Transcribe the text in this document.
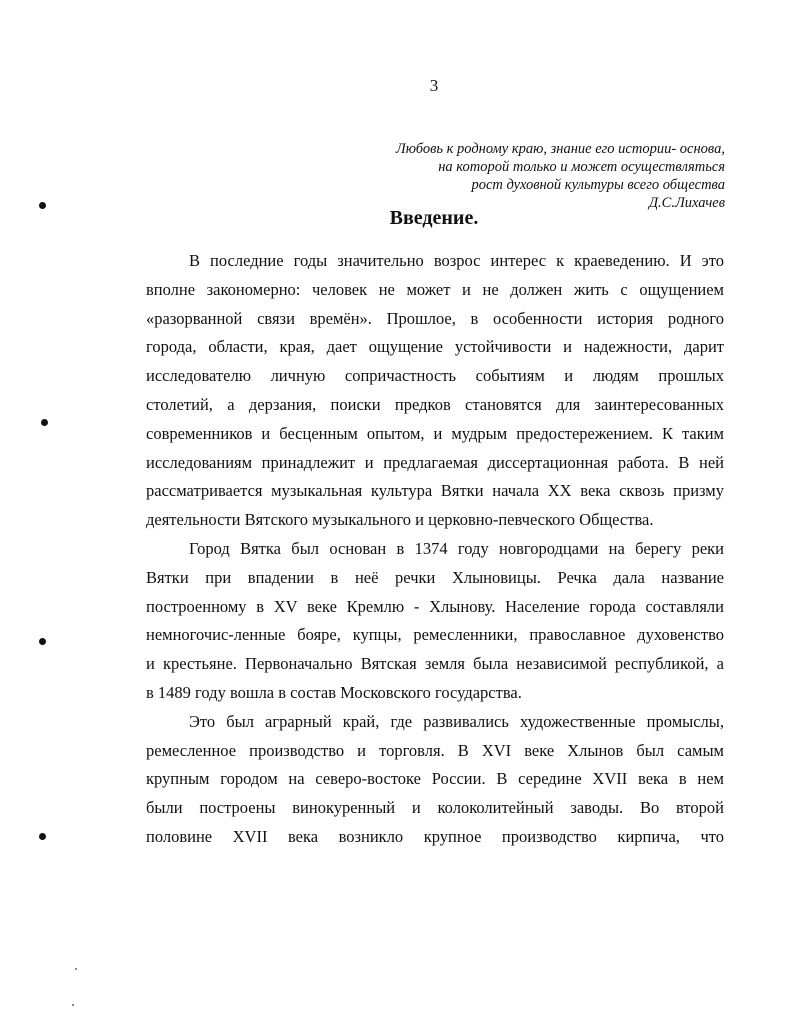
3
Любовь к родному краю, знание его истории- основа,
на которой только и может осуществляться
рост духовной культуры всего общества
Д.С.Лихачев
Введение.
В последние годы значительно возрос интерес к краеведению. И это
вполне закономерно: человек не может и не должен жить с ощущением
«разорванной связи времён». Прошлое, в особенности история родного
города, области, края, дает ощущение устойчивости и надежности, дарит
исследователю личную сопричастность событиям и людям прошлых
столетий, а дерзания, поиски предков становятся для заинтересованных
современников и бесценным опытом, и мудрым предостережением. К таким
исследованиям принадлежит и предлагаемая диссертационная работа. В ней
рассматривается музыкальная культура Вятки начала XX века сквозь призму
деятельности Вятского музыкального и церковно-певческого Общества.
Город Вятка был основан в 1374 году новгородцами на берегу реки
Вятки при впадении в неё речки Хлыновицы. Речка дала название
построенному в XV веке Кремлю - Хлынову. Население города составляли
немногочис-ленные бояре, купцы, ремесленники, православное духовенство
и крестьяне. Первоначально Вятская земля была независимой республикой, а
в 1489 году вошла в состав Московского государства.
Это был аграрный край, где развивались художественные промыслы,
ремесленное производство и торговля. В XVI веке Хлынов был самым
крупным городом на северо-востоке России. В середине XVII века в нем
были построены винокуренный и колоколитейный заводы. Во второй
половине XVII века возникло крупное производство кирпича, что
